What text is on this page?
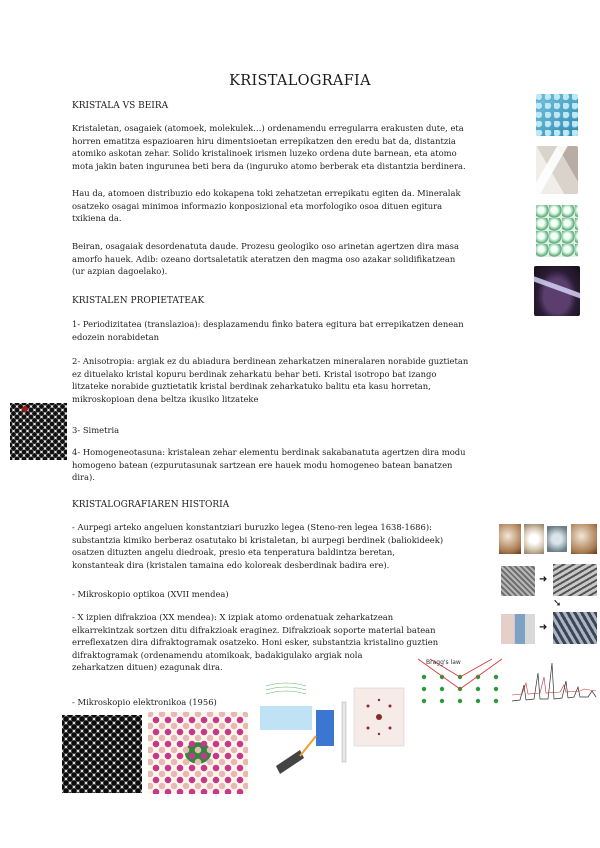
KRISTALOGRAFIA
KRISTALA VS BEIRA
Kristaletan, osagaiek (atomoek, molekulek…) ordenamendu erregularra erakusten dute, eta
horren ematitza espazioaren hiru dimentsioetan errepikatzen den eredu bat da, distantzia
atomiko askotan zehar. Solido kristalinoek irismen luzeko ordena dute barnean, eta atomo
mota jakin baten ingurunea beti bera da (inguruko atomo berberak eta distantzia berdinera.
Hau da, atomoen distribuzio edo kokapena toki zehatzetan errepikatu egiten da. Mineralak
osatzeko osagai minimoa informazio konposizional eta morfologiko osoa dituen egitura
txikiena da.
Beiran, osagaiak desordenatuta daude. Prozesu geologiko oso arinetan agertzen dira masa
amorfo hauek. Adib: ozeano dortsaletatik ateratzen den magma oso azakar solidifikatzean
(ur azpian dagoelako).
KRISTALEN PROPIETATEAK
1- Periodizitatea (translazioa): desplazamendu finko batera egitura bat errepikatzen denean
edozein norabidetan
2- Anisotropia: argiak ez du abiadura berdinean zeharkatzen mineralaren norabide guztietan
ez dituelako kristal kopuru berdinak zeharkatu behar beti. Kristal isotropo bat izango
litzateke norabide guztietatik kristal berdinak zeharkatuko balitu eta kasu horretan,
mikroskopioan dena beltza ikusiko litzateke
3- Simetria
4- Homogeneotasuna: kristalean zehar elementu berdinak sakabanatuta agertzen dira modu
homogeno batean (ezpurutasunak sartzean ere hauek modu homogeneo batean banatzen
dira).
KRISTALOGRAFIAREN HISTORIA
- Aurpegi arteko angeluen konstantziari buruzko legea (Steno-ren legea 1638-1686):
substantzia kimiko berberaz osatutako bi kristaletan, bi aurpegi berdinek (baliokideek)
osatzen dituzten angelu diedroak, presio eta tenperatura baldintza beretan,
konstanteak dira (kristalen tamaina edo koloreak desberdinak badira ere).
- Mikroskopio optikoa (XVII mendea)
- X izpien difrakzioa (XX mendea): X izpiak atomo ordenatuak zeharkatzean
elkarrekintzak sortzen ditu difrakzioak eraginez. Difrakzioak soporte material batean
erreflexatzen dira difraktogramak osatzeko. Honi esker, substantzia kristalino guztien
difraktogramak (ordenamendu atomikoak, badakigulako argiak nola
zeharkatzen dituen) ezagunak dira.
- Mikroskopio elektronikoa (1956)
➜
➘
➜
Bragg's law
